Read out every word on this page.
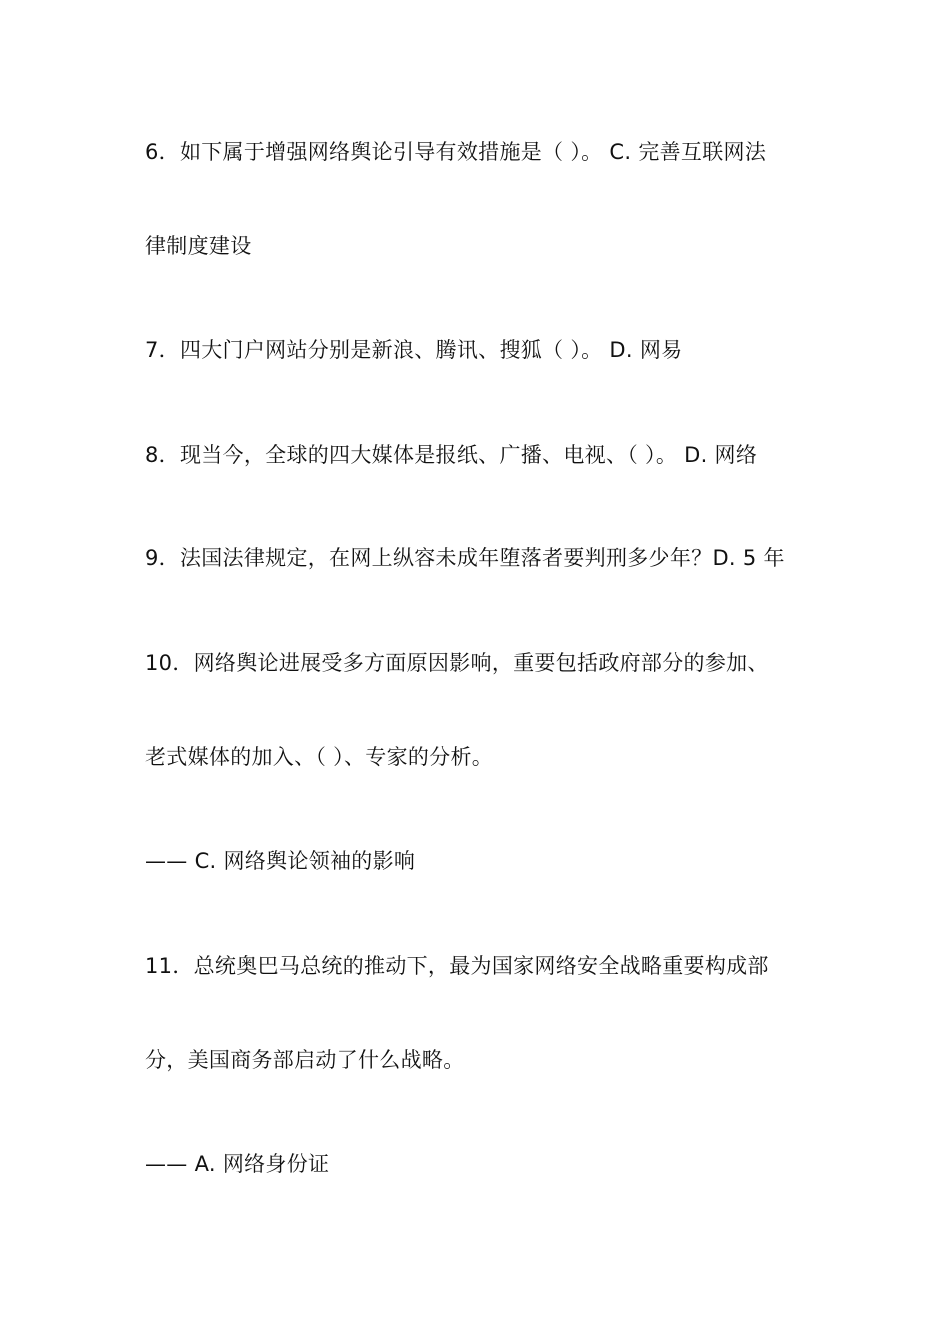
6．如下属于增强网络舆论引导有效措施是（ ）。 C. 完善互联网法
律制度建设
7．四大门户网站分别是新浪、腾讯、搜狐（ ）。 D. 网易
8．现当今，全球的四大媒体是报纸、广播、电视、（ ）。 D. 网络
9．法国法律规定，在网上纵容未成年堕落者要判刑多少年？D. 5 年
10．网络舆论进展受多方面原因影响，重要包括政府部分的参加、
老式媒体的加入、（ ）、专家的分析。
—— C. 网络舆论领袖的影响
11．总统奥巴马总统的推动下，最为国家网络安全战略重要构成部
分，美国商务部启动了什么战略。
—— A. 网络身份证
